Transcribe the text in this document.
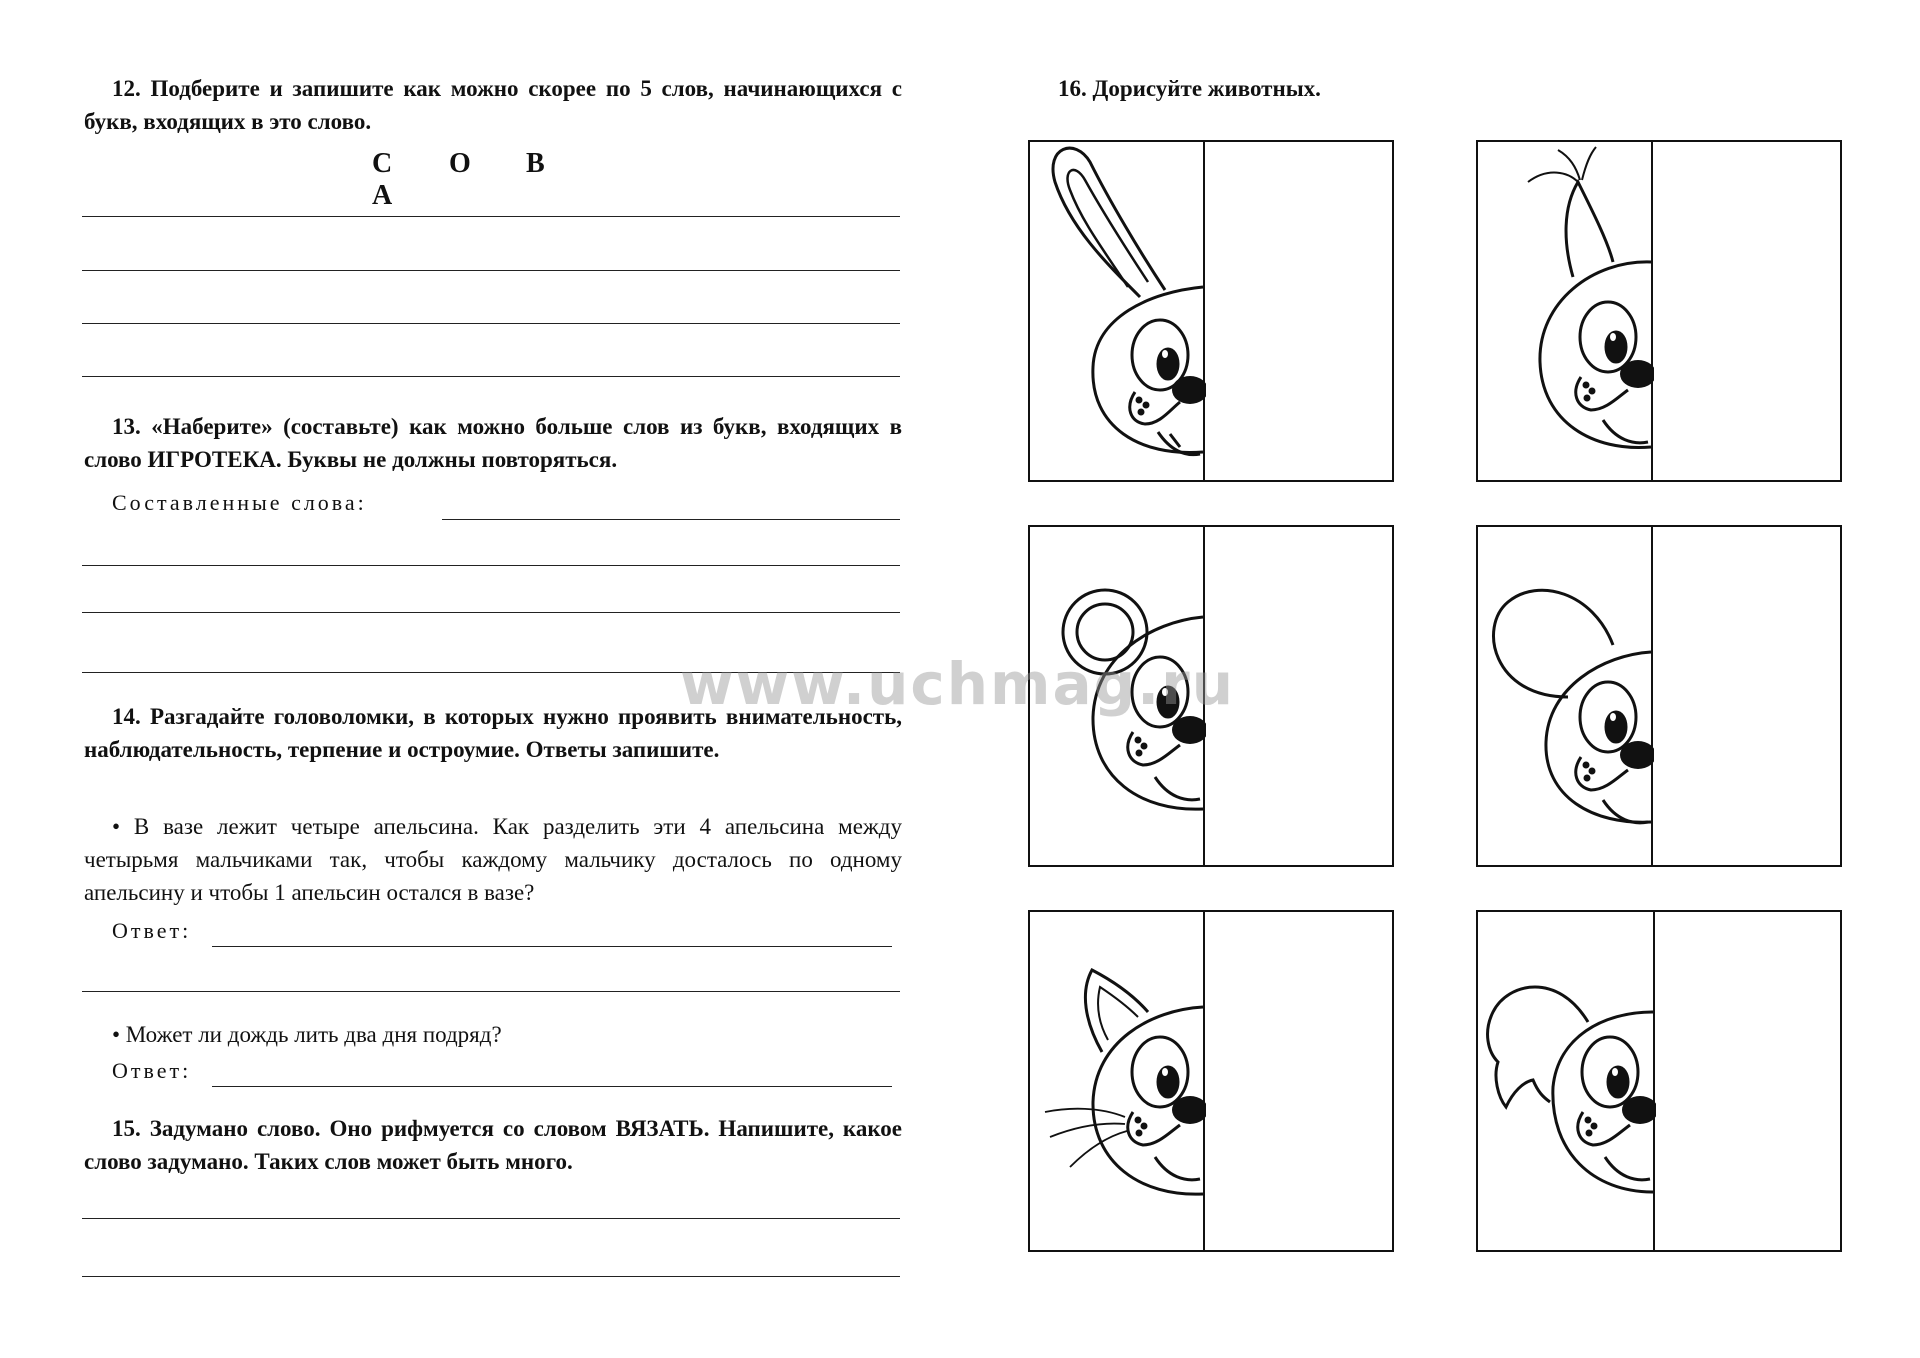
12. Подберите и запишите как можно скорее по 5 слов, начинающихся с букв, входящих в это слово.
С О ВА
13. «Наберите» (составьте) как можно больше слов из букв, входящих в слово ИГРОТЕКА. Буквы не должны повторяться.
Составленные слова:
14. Разгадайте головоломки, в которых нужно проявить внимательность, наблюдательность, терпение и остроумие. Ответы запишите.
• В вазе лежит четыре апельсина. Как разделить эти 4 апельсина между четырьмя мальчиками так, чтобы каждому мальчику досталось по одному апельсину и чтобы 1 апельсин остался в вазе?
Ответ:
• Может ли дождь лить два дня подряд?
Ответ:
15. Задумано слово. Оно рифмуется со словом ВЯЗАТЬ. Напишите, какое слово задумано. Таких слов может быть много.
16. Дорисуйте животных.
www.uchmag.ru
